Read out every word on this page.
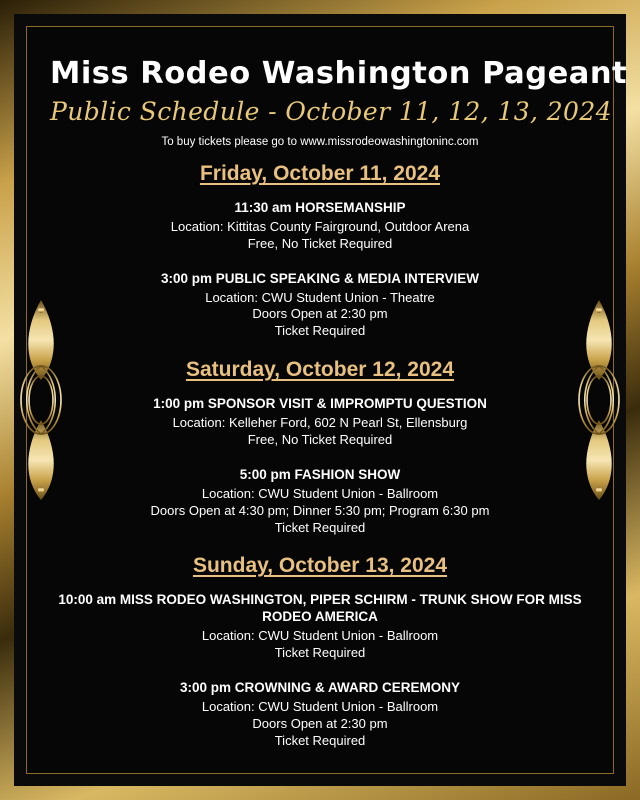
Miss Rodeo Washington Pageant
Public Schedule - October 11, 12, 13, 2024
To buy tickets please go to www.missrodeowashingtoninc.com
Friday, October 11, 2024
11:30 am HORSEMANSHIP
Location: Kittitas County Fairground, Outdoor Arena
Free, No Ticket Required
3:00 pm PUBLIC SPEAKING & MEDIA INTERVIEW
Location: CWU Student Union - Theatre
Doors Open at 2:30 pm
Ticket Required
Saturday, October 12, 2024
1:00 pm SPONSOR VISIT & IMPROMPTU QUESTION
Location: Kelleher Ford, 602 N Pearl St, Ellensburg
Free, No Ticket Required
5:00 pm FASHION SHOW
Location: CWU Student Union - Ballroom
Doors Open at 4:30 pm; Dinner 5:30 pm; Program 6:30 pm
Ticket Required
Sunday, October 13, 2024
10:00 am MISS RODEO WASHINGTON, PIPER SCHIRM - TRUNK SHOW FOR MISS RODEO AMERICA
Location: CWU Student Union - Ballroom
Ticket Required
3:00 pm CROWNING & AWARD CEREMONY
Location: CWU Student Union - Ballroom
Doors Open at 2:30 pm
Ticket Required
